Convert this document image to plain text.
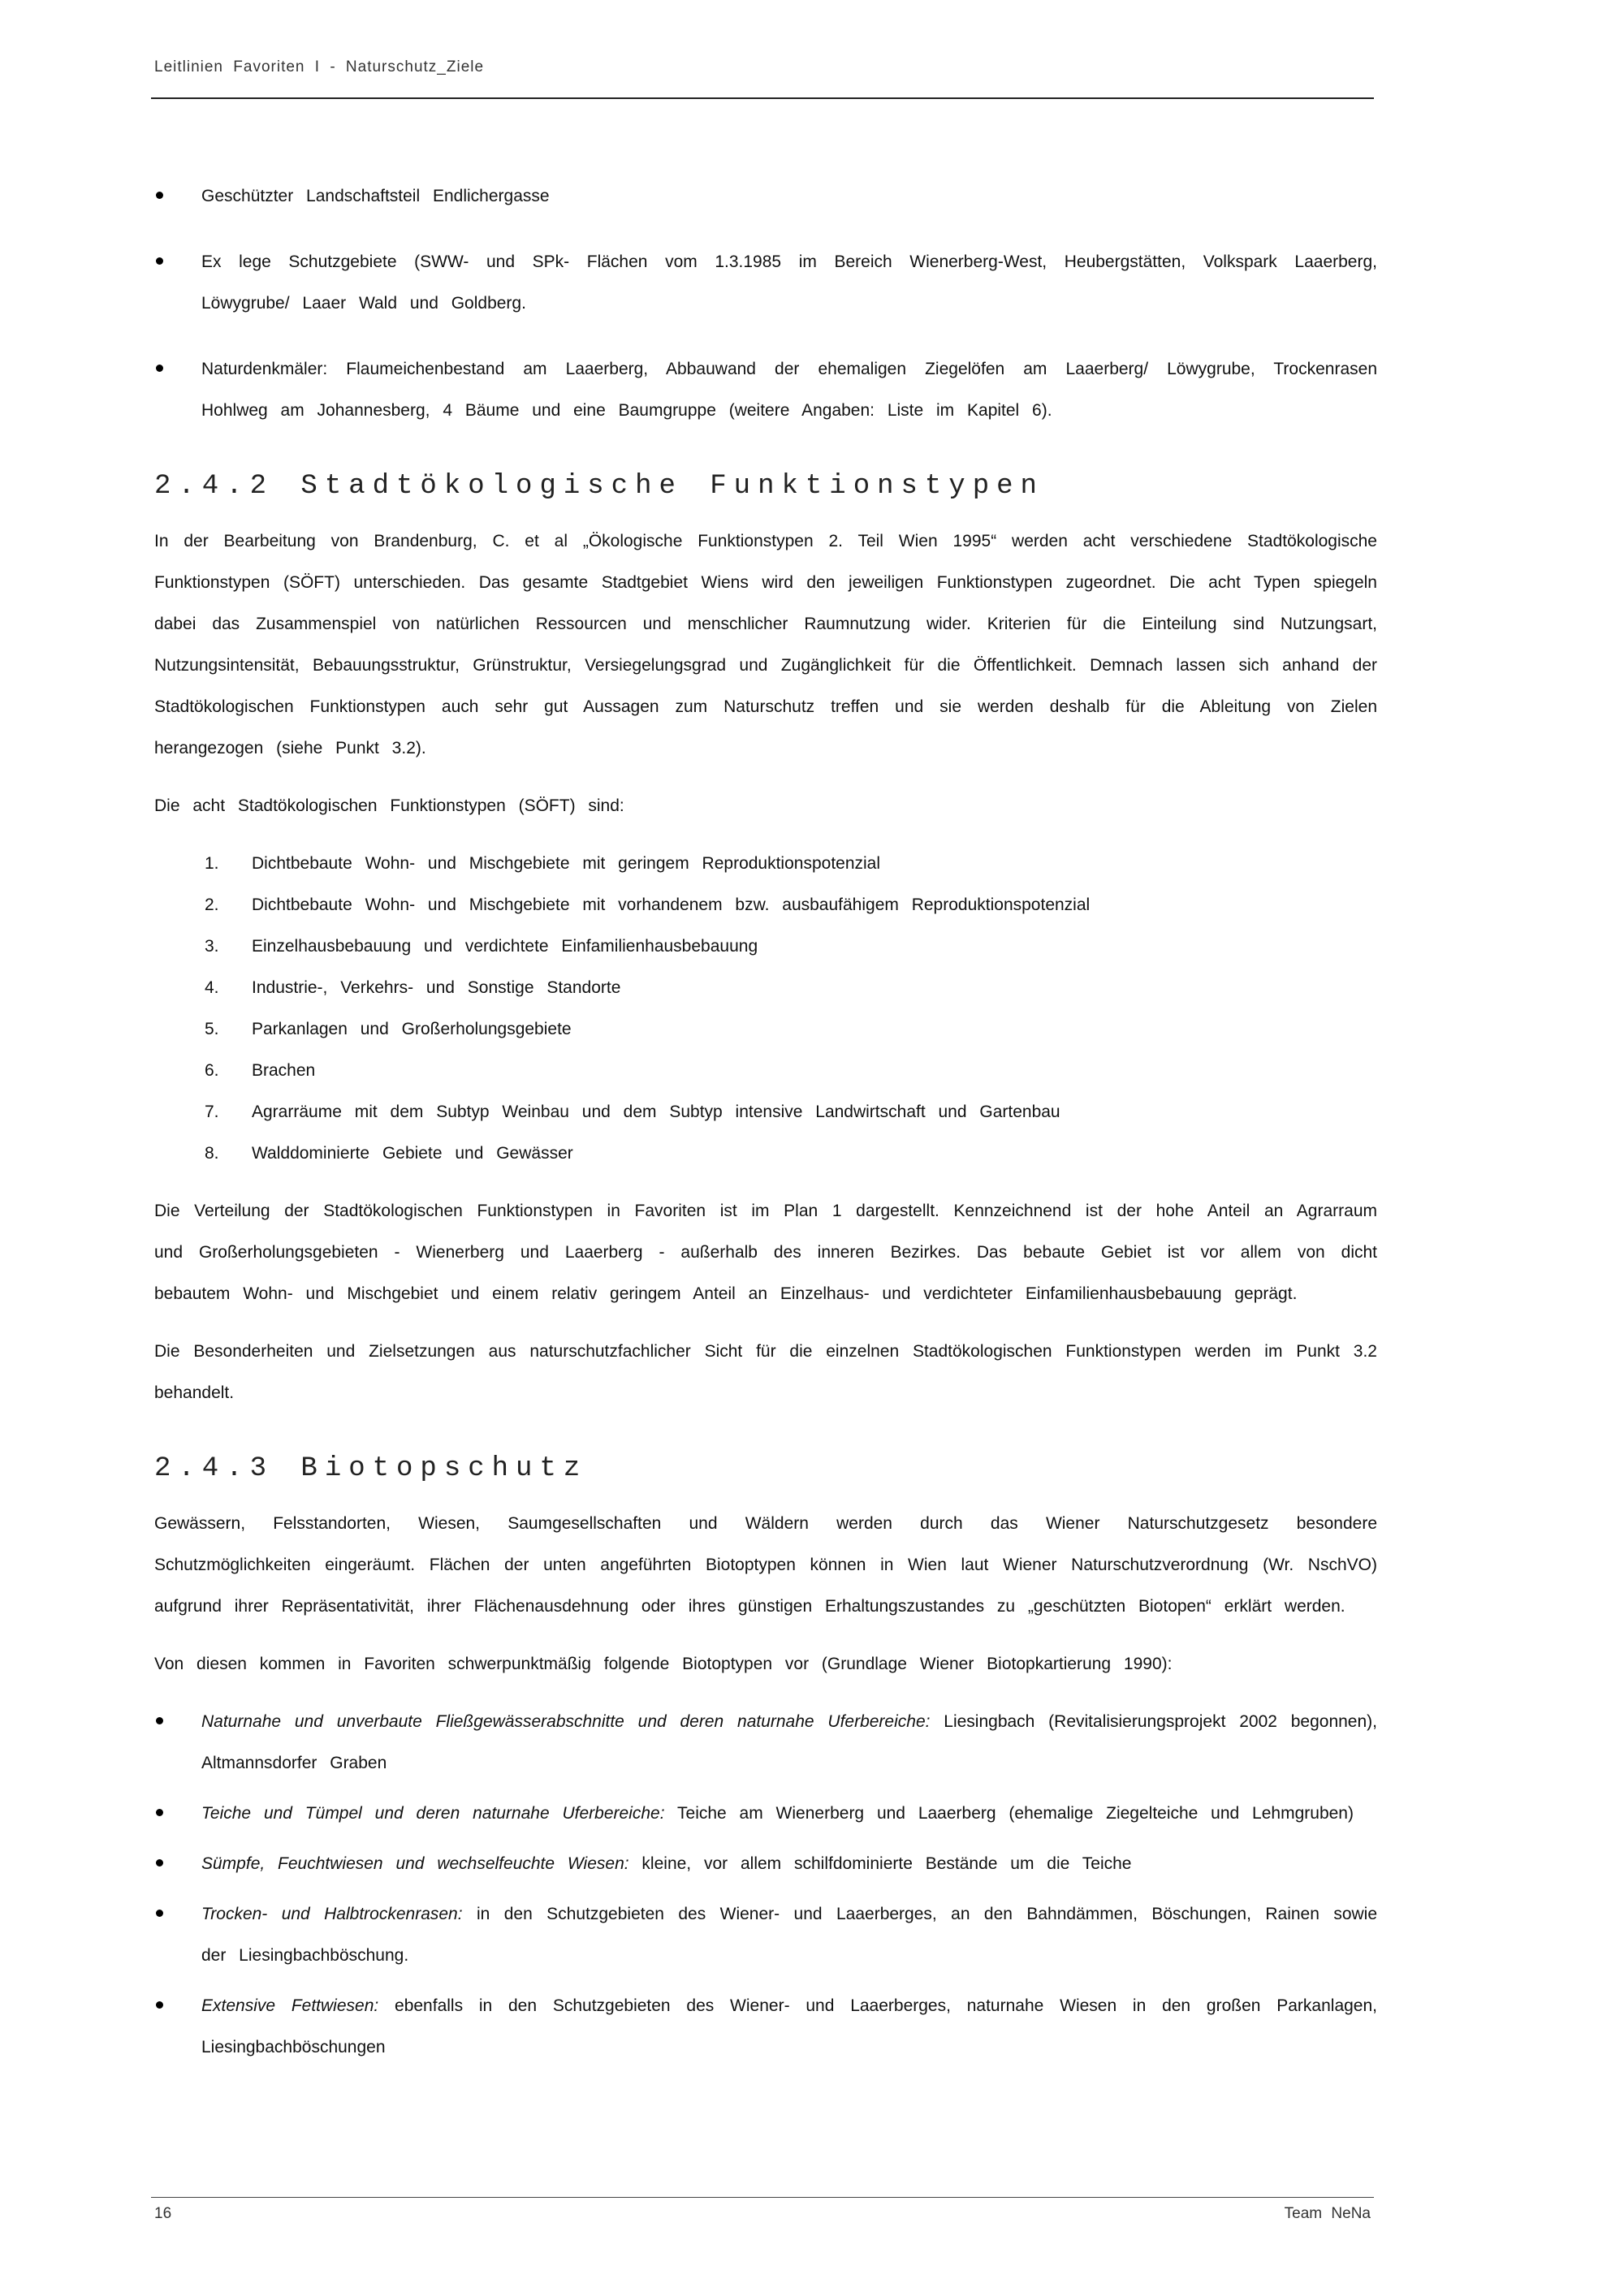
Leitlinien Favoriten I - Naturschutz_Ziele
Geschützter Landschaftsteil Endlichergasse
Ex lege Schutzgebiete (SWW- und SPk- Flächen vom 1.3.1985 im Bereich Wienerberg-West, Heubergstätten, Volkspark Laaerberg, Löwygrube/ Laaer Wald und Goldberg.
Naturdenkmäler: Flaumeichenbestand am Laaerberg, Abbauwand der ehemaligen Ziegelöfen am Laaerberg/ Löwygrube, Trockenrasen Hohlweg am Johannesberg, 4 Bäume und eine Baumgruppe (weitere Angaben: Liste im Kapitel 6).
2.4.2 Stadtökologische Funktionstypen

In der Bearbeitung von Brandenburg, C. et al „Ökologische Funktionstypen 2. Teil Wien 1995“ werden acht verschiedene Stadtökologische Funktionstypen (SÖFT) unterschieden. Das gesamte Stadtgebiet Wiens wird den jeweiligen Funktionstypen zugeordnet. Die acht Typen spiegeln dabei das Zusammenspiel von natürlichen Ressourcen und menschlicher Raumnutzung wider. Kriterien für die Einteilung sind Nutzungsart, Nutzungsintensität, Bebauungsstruktur, Grünstruktur, Versiegelungsgrad und Zugänglichkeit für die Öffentlichkeit. Demnach lassen sich anhand der Stadtökologischen Funktionstypen auch sehr gut Aussagen zum Naturschutz treffen und sie werden deshalb für die Ableitung von Zielen herangezogen (siehe Punkt 3.2).

Die acht Stadtökologischen Funktionstypen (SÖFT) sind:

1. Dichtbebaute Wohn- und Mischgebiete mit geringem Reproduktionspotenzial
2. Dichtbebaute Wohn- und Mischgebiete mit vorhandenem bzw. ausbaufähigem Reproduktionspotenzial
3. Einzelhausbebauung und verdichtete Einfamilienhausbebauung
4. Industrie-, Verkehrs- und Sonstige Standorte
5. Parkanlagen und Großerholungsgebiete
6. Brachen
7. Agrarräume mit dem Subtyp Weinbau und dem Subtyp intensive Landwirtschaft und Gartenbau
8. Walddominierte Gebiete und Gewässer

Die Verteilung der Stadtökologischen Funktionstypen in Favoriten ist im Plan 1 dargestellt. Kennzeichnend ist der hohe Anteil an Agrarraum und Großerholungsgebieten - Wienerberg und Laaerberg - außerhalb des inneren Bezirkes. Das bebaute Gebiet ist vor allem von dicht bebautem Wohn- und Mischgebiet und einem relativ geringem Anteil an Einzelhaus- und verdichteter Einfamilienhausbebauung geprägt.

Die Besonderheiten und Zielsetzungen aus naturschutzfachlicher Sicht für die einzelnen Stadtökologischen Funktionstypen werden im Punkt 3.2 behandelt.

2.4.3 Biotopschutz

Gewässern, Felsstandorten, Wiesen, Saumgesellschaften und Wäldern werden durch das Wiener Naturschutzgesetz besondere Schutzmöglichkeiten eingeräumt. Flächen der unten angeführten Biotoptypen können in Wien laut Wiener Naturschutzverordnung (Wr. NschVO) aufgrund ihrer Repräsentativität, ihrer Flächenausdehnung oder ihres günstigen Erhaltungszustandes zu „geschützten Biotopen“ erklärt werden.

Von diesen kommen in Favoriten schwerpunktmäßig folgende Biotoptypen vor (Grundlage Wiener Biotopkartierung 1990):

Naturnahe und unverbaute Fließgewässerabschnitte und deren naturnahe Uferbereiche: Liesingbach (Revitalisierungsprojekt 2002 begonnen), Altmannsdorfer Graben
Teiche und Tümpel und deren naturnahe Uferbereiche: Teiche am Wienerberg und Laaerberg (ehemalige Ziegelteiche und Lehmgruben)
Sümpfe, Feuchtwiesen und wechselfeuchte Wiesen: kleine, vor allem schilfdominierte Bestände um die Teiche
Trocken- und Halbtrockenrasen: in den Schutzgebieten des Wiener- und Laaerberges, an den Bahndämmen, Böschungen, Rainen sowie der Liesingbachböschung.
Extensive Fettwiesen: ebenfalls in den Schutzgebieten des Wiener- und Laaerberges, naturnahe Wiesen in den großen Parkanlagen, Liesingbachböschungen
16	Team NeNa
